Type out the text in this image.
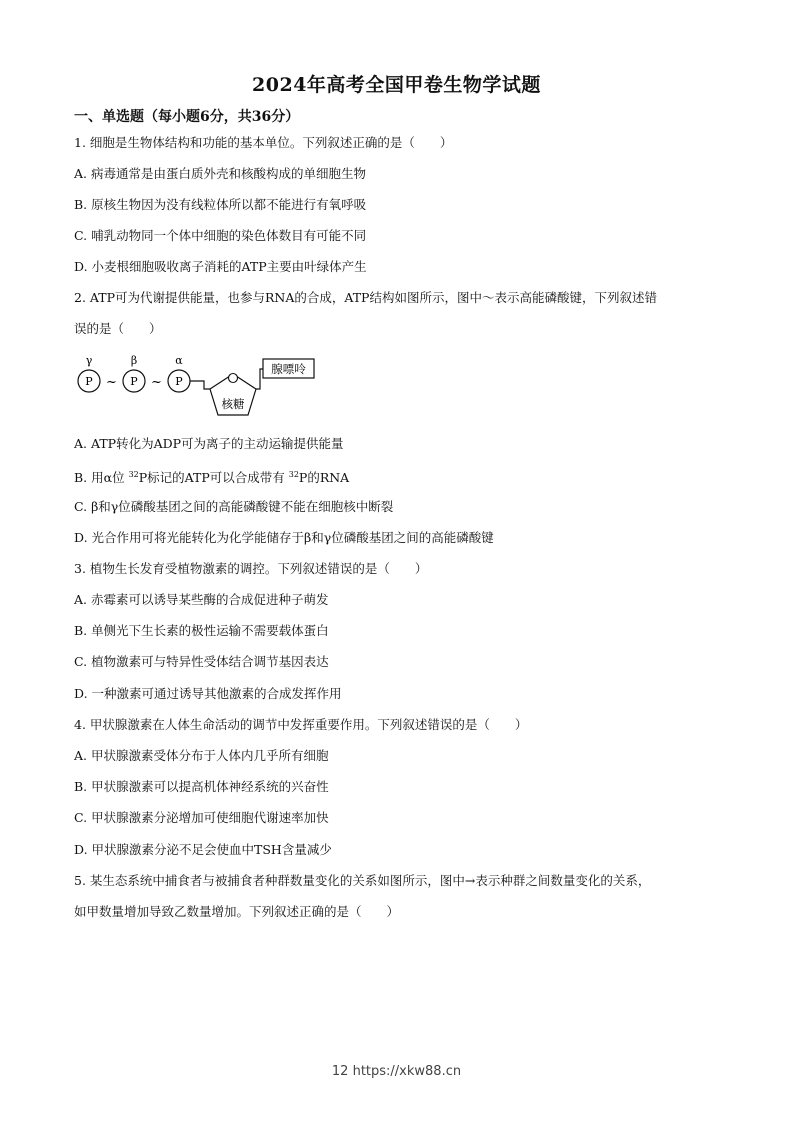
2024年高考全国甲卷生物学试题
一、单选题（每小题6分，共36分）
1. 细胞是生物体结构和功能的基本单位。下列叙述正确的是（　　）
A. 病毒通常是由蛋白质外壳和核酸构成的单细胞生物
B. 原核生物因为没有线粒体所以都不能进行有氧呼吸
C. 哺乳动物同一个体中细胞的染色体数目有可能不同
D. 小麦根细胞吸收离子消耗的ATP主要由叶绿体产生
2. ATP可为代谢提供能量，也参与RNA的合成，ATP结构如图所示，图中～表示高能磷酸键，下列叙述错
误的是（　　）
γ	β	α
P	P	P
~	~
核糖
腺嘌呤
A. ATP转化为ADP可为离子的主动运输提供能量
B. 用α位 $^{32}$P标记的ATP可以合成带有 $^{32}$P的RNA
C. β和γ位磷酸基团之间的高能磷酸键不能在细胞核中断裂
D. 光合作用可将光能转化为化学能储存于β和γ位磷酸基团之间的高能磷酸键
3. 植物生长发育受植物激素的调控。下列叙述错误的是（　　）
A. 赤霉素可以诱导某些酶的合成促进种子萌发
B. 单侧光下生长素的极性运输不需要载体蛋白
C. 植物激素可与特异性受体结合调节基因表达
D. 一种激素可通过诱导其他激素的合成发挥作用
4. 甲状腺激素在人体生命活动的调节中发挥重要作用。下列叙述错误的是（　　）
A. 甲状腺激素受体分布于人体内几乎所有细胞
B. 甲状腺激素可以提高机体神经系统的兴奋性
C. 甲状腺激素分泌增加可使细胞代谢速率加快
D. 甲状腺激素分泌不足会使血中TSH含量减少
5. 某生态系统中捕食者与被捕食者种群数量变化的关系如图所示，图中→表示种群之间数量变化的关系，
如甲数量增加导致乙数量增加。下列叙述正确的是（　　）
12 https://xkw88.cn
